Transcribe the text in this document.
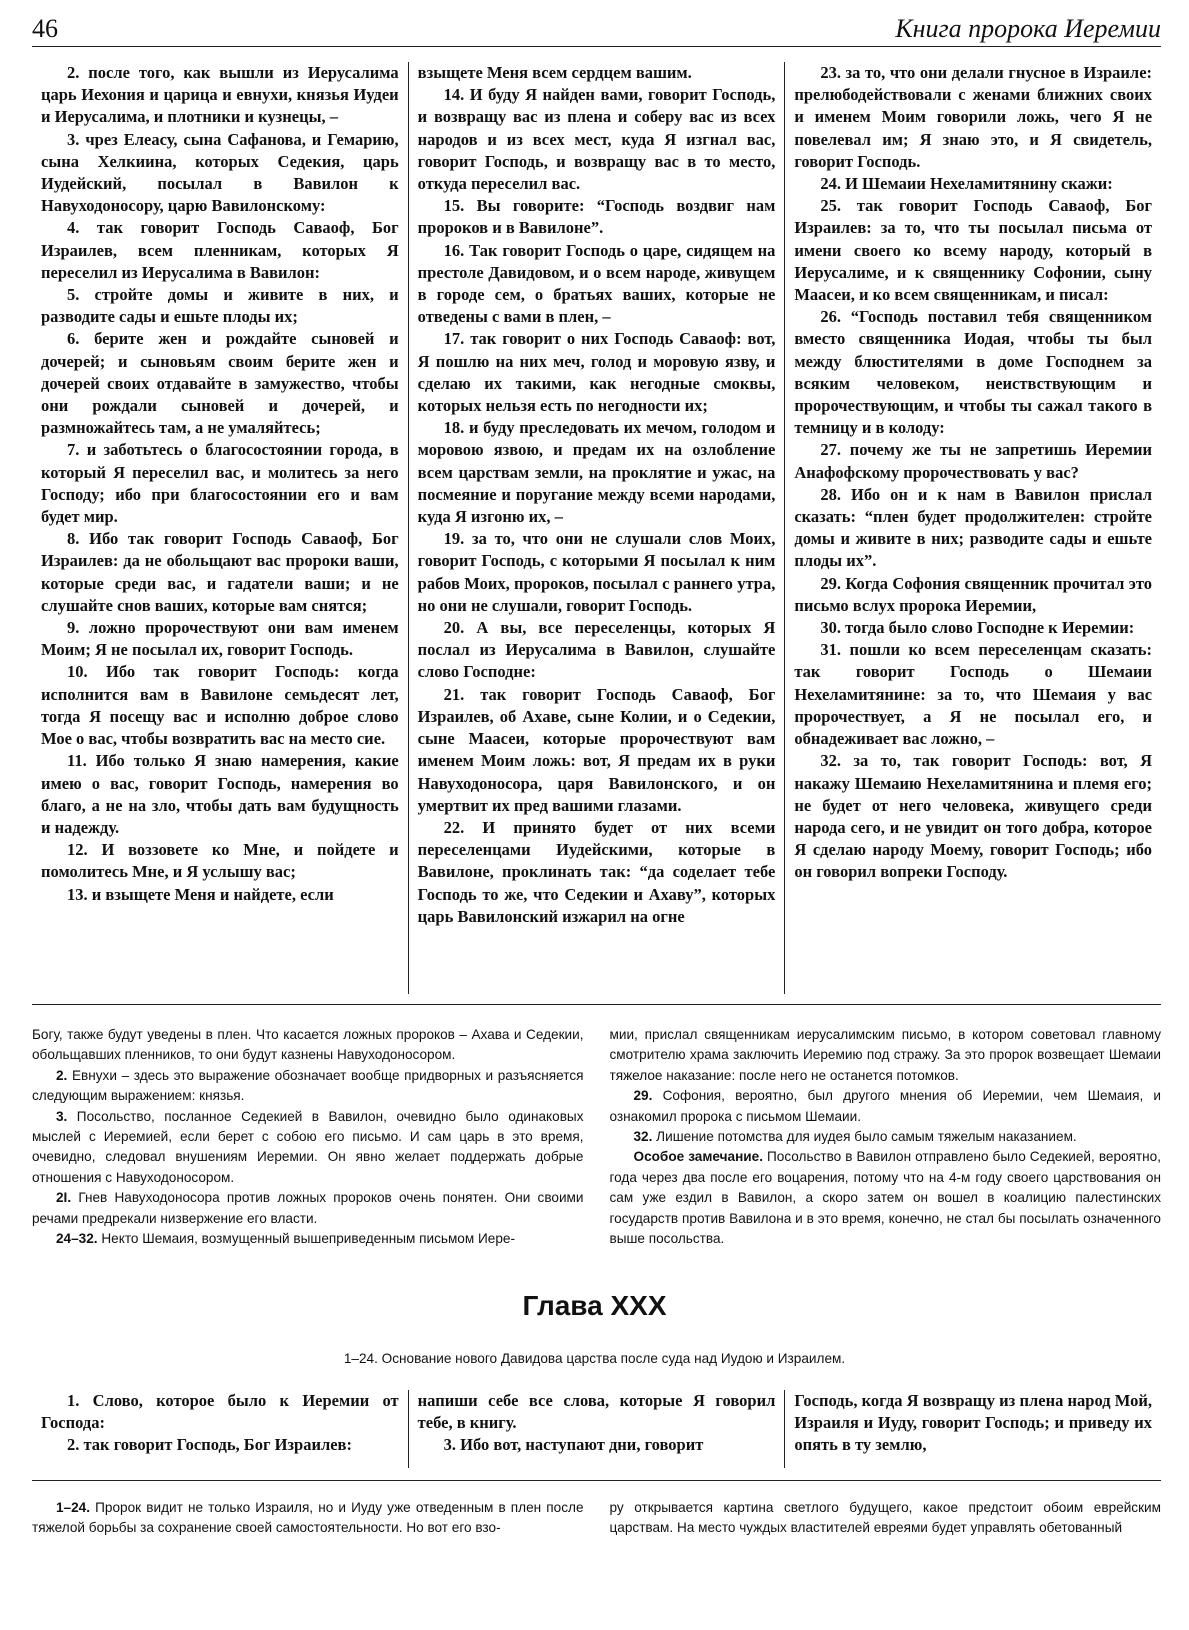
46	Книга пророка Иеремии

2. после того, как вышли из Иерусалима царь Иехония и царица и евнухи, князья Иудеи и Иерусалима, и плотники и кузнецы, –

3. чрез Елеасу, сына Сафанова, и Гемарию, сына Хелкиина, которых Седекия, царь Иудейский, посылал в Вавилон к Навуходоносору, царю Вавилонскому:

4. так говорит Господь Саваоф, Бог Израилев, всем пленникам, которых Я переселил из Иерусалима в Вавилон:

5. стройте домы и живите в них, и разводите сады и ешьте плоды их;

6. берите жен и рождайте сыновей и дочерей; и сыновьям своим берите жен и дочерей своих отдавайте в замужество, чтобы они рождали сыновей и дочерей, и размножайтесь там, а не умаляйтесь;

7. и заботьтесь о благосостоянии города, в который Я переселил вас, и молитесь за него Господу; ибо при благосостоянии его и вам будет мир.

8. Ибо так говорит Господь Саваоф, Бог Израилев: да не обольщают вас пророки ваши, которые среди вас, и гадатели ваши; и не слушайте снов ваших, которые вам снятся;

9. ложно пророчествуют они вам именем Моим; Я не посылал их, говорит Господь.

10. Ибо так говорит Господь: когда исполнится вам в Вавилоне семьдесят лет, тогда Я посещу вас и исполню доброе слово Мое о вас, чтобы возвратить вас на место сие.

11. Ибо только Я знаю намерения, какие имею о вас, говорит Господь, намерения во благо, а не на зло, чтобы дать вам будущность и надежду.

12. И воззовете ко Мне, и пойдете и помолитесь Мне, и Я услышу вас;

13. и взыщете Меня и найдете, если

взыщете Меня всем сердцем вашим.

14. И буду Я найден вами, говорит Господь, и возвращу вас из плена и соберу вас из всех народов и из всех мест, куда Я изгнал вас, говорит Господь, и возвращу вас в то место, откуда переселил вас.

15. Вы говорите: “Господь воздвиг нам пророков и в Вавилоне”.

16. Так говорит Господь о царе, сидящем на престоле Давидовом, и о всем народе, живущем в городе сем, о братьях ваших, которые не отведены с вами в плен, –

17. так говорит о них Господь Саваоф: вот, Я пошлю на них меч, голод и моровую язву, и сделаю их такими, как негодные смоквы, которых нельзя есть по негодности их;

18. и буду преследовать их мечом, голодом и моровою язвою, и предам их на озлобление всем царствам земли, на проклятие и ужас, на посмеяние и поругание между всеми народами, куда Я изгоню их, –

19. за то, что они не слушали слов Моих, говорит Господь, с которыми Я посылал к ним рабов Моих, пророков, посылал с раннего утра, но они не слушали, говорит Господь.

20. А вы, все переселенцы, которых Я послал из Иерусалима в Вавилон, слушайте слово Господне:

21. так говорит Господь Саваоф, Бог Израилев, об Ахаве, сыне Колии, и о Седекии, сыне Маасеи, которые пророчествуют вам именем Моим ложь: вот, Я предам их в руки Навуходоносора, царя Вавилонского, и он умертвит их пред вашими глазами.

22. И принято будет от них всеми переселенцами Иудейскими, которые в Вавилоне, проклинать так: “да соделает тебе Господь то же, что Седекии и Ахаву”, которых царь Вавилонский изжарил на огне

23. за то, что они делали гнусное в Израиле: прелюбодействовали с женами ближних своих и именем Моим говорили ложь, чего Я не повелевал им; Я знаю это, и Я свидетель, говорит Господь.

24. И Шемаии Нехеламитянину скажи:

25. так говорит Господь Саваоф, Бог Израилев: за то, что ты посылал письма от имени своего ко всему народу, который в Иерусалиме, и к священнику Софонии, сыну Маасеи, и ко всем священникам, и писал:

26. “Господь поставил тебя священником вместо священника Иодая, чтобы ты был между блюстителями в доме Господнем за всяким человеком, неиствствующим и пророчествующим, и чтобы ты сажал такого в темницу и в колоду:

27. почему же ты не запретишь Иеремии Анафофскому пророчествовать у вас?

28. Ибо он и к нам в Вавилон прислал сказать: “плен будет продолжителен: стройте домы и живите в них; разводите сады и ешьте плоды их”.

29. Когда Софония священник прочитал это письмо вслух пророка Иеремии,

30. тогда было слово Господне к Иеремии:

31. пошли ко всем переселенцам сказать: так говорит Господь о Шемаии Нехеламитянине: за то, что Шемаия у вас пророчествует, а Я не посылал его, и обнадеживает вас ложно, –

32. за то, так говорит Господь: вот, Я накажу Шемаию Нехеламитянина и племя его; не будет от него человека, живущего среди народа сего, и не увидит он того добра, которое Я сделаю народу Моему, говорит Господь; ибо он говорил вопреки Господу.

Богу, также будут уведены в плен. Что касается ложных пророков – Ахава и Седекии, обольщавших пленников, то они будут казнены Навуходоносором.

2. Евнухи – здесь это выражение обозначает вообще придворных и разъясняется следующим выражением: князья.

3. Посольство, посланное Седекией в Вавилон, очевидно было одинаковых мыслей с Иеремией, если берет с собою его письмо. И сам царь в это время, очевидно, следовал внушениям Иеремии. Он явно желает поддержать добрые отношения с Навуходоносором.

2I. Гнев Навуходоносора против ложных пророков очень понятен. Они своими речами предрекали низвержение его власти.

24–32. Некто Шемаия, возмущенный вышеприведенным письмом Иере-

мии, прислал священникам иерусалимским письмо, в котором советовал главному смотрителю храма заключить Иеремию под стражу. За это пророк возвещает Шемаии тяжелое наказание: после него не останется потомков.

29. Софония, вероятно, был другого мнения об Иеремии, чем Шемаия, и ознакомил пророка с письмом Шемаии.

32. Лишение потомства для иудея было самым тяжелым наказанием.

Особое замечание. Посольство в Вавилон отправлено было Седекией, вероятно, года через два после его воцарения, потому что на 4-м году своего царствования он сам уже ездил в Вавилон, а скоро затем он вошел в коалицию палестинских государств против Вавилона и в это время, конечно, не стал бы посылать означенного выше посольства.

Глава XXX
1–24. Основание нового Давидова царства после суда над Иудою и Израилем.

1. Слово, которое было к Иеремии от Господа:

2. так говорит Господь, Бог Израилев:

напиши себе все слова, которые Я говорил тебе, в книгу.

3. Ибо вот, наступают дни, говорит

Господь, когда Я возвращу из плена народ Мой, Израиля и Иуду, говорит Господь; и приведу их опять в ту землю,

1–24. Пророк видит не только Израиля, но и Иуду уже отведенным в плен после тяжелой борьбы за сохранение своей самостоятельности. Но вот его взо-

ру открывается картина светлого будущего, какое предстоит обоим еврейским царствам. На место чуждых властителей евреями будет управлять обетованный
